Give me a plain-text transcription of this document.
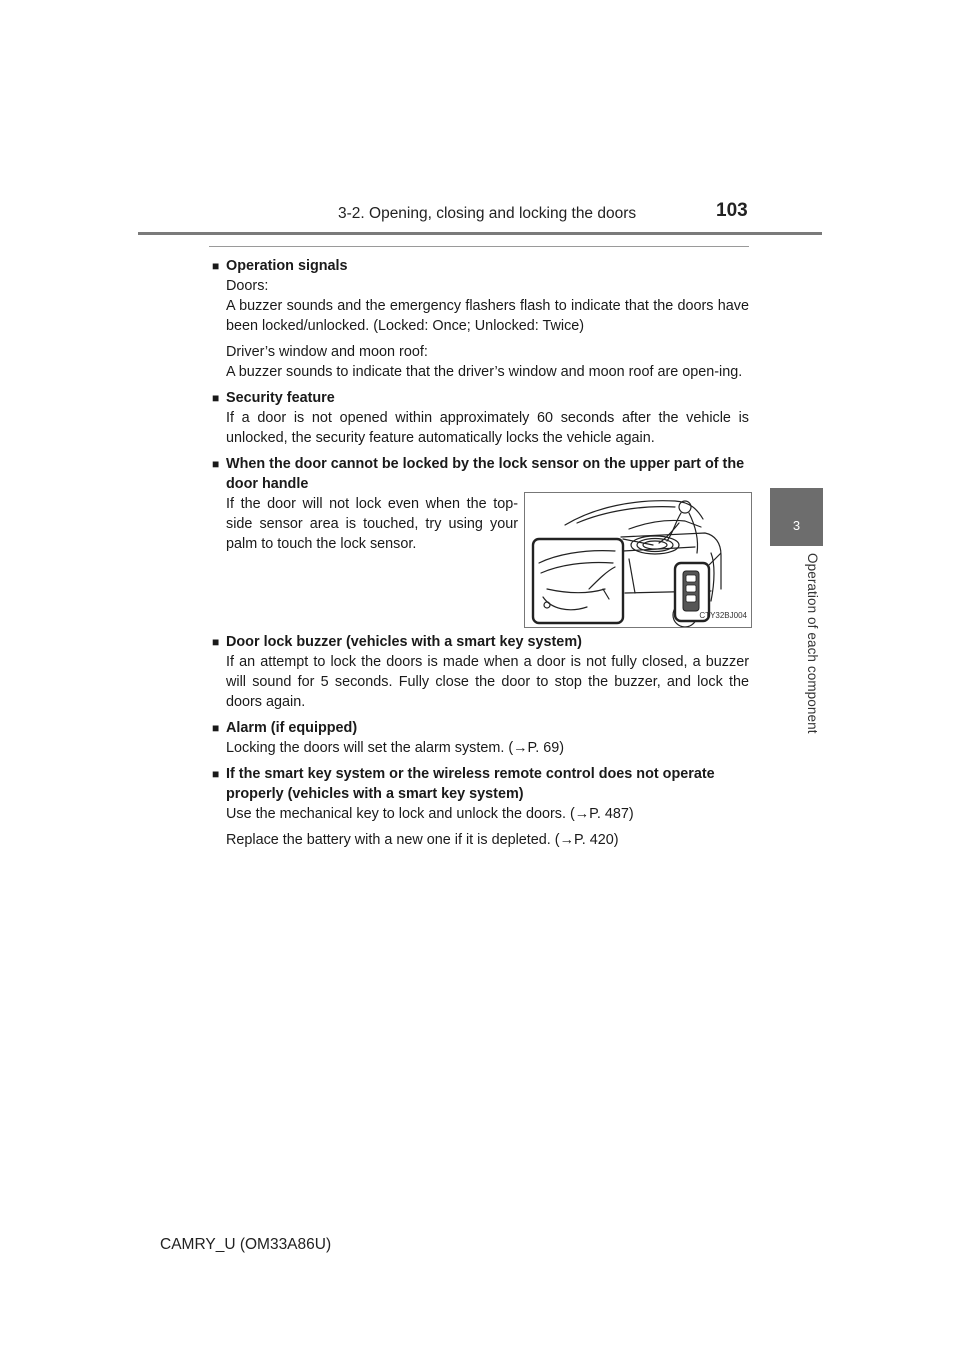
3-2. Opening, closing and locking the doors	103
3
Operation of each component
■ Operation signals
Doors:
A buzzer sounds and the emergency flashers flash to indicate that the doors have been locked/unlocked. (Locked: Once; Unlocked: Twice)
Driver’s window and moon roof:
A buzzer sounds to indicate that the driver’s window and moon roof are open-ing.
■ Security feature
If a door is not opened within approximately 60 seconds after the vehicle is unlocked, the security feature automatically locks the vehicle again.
■ When the door cannot be locked by the lock sensor on the upper part of the door handle
If the door will not lock even when the top-side sensor area is touched, try using your palm to touch the lock sensor.
CTY32BJ004
■ Door lock buzzer (vehicles with a smart key system)
If an attempt to lock the doors is made when a door is not fully closed, a buzzer will sound for 5 seconds. Fully close the door to stop the buzzer, and lock the doors again.
■ Alarm (if equipped)
Locking the doors will set the alarm system. (→P. 69)
■ If the smart key system or the wireless remote control does not operate properly (vehicles with a smart key system)
Use the mechanical key to lock and unlock the doors. (→P. 487)
Replace the battery with a new one if it is depleted. (→P. 420)
CAMRY_U (OM33A86U)
